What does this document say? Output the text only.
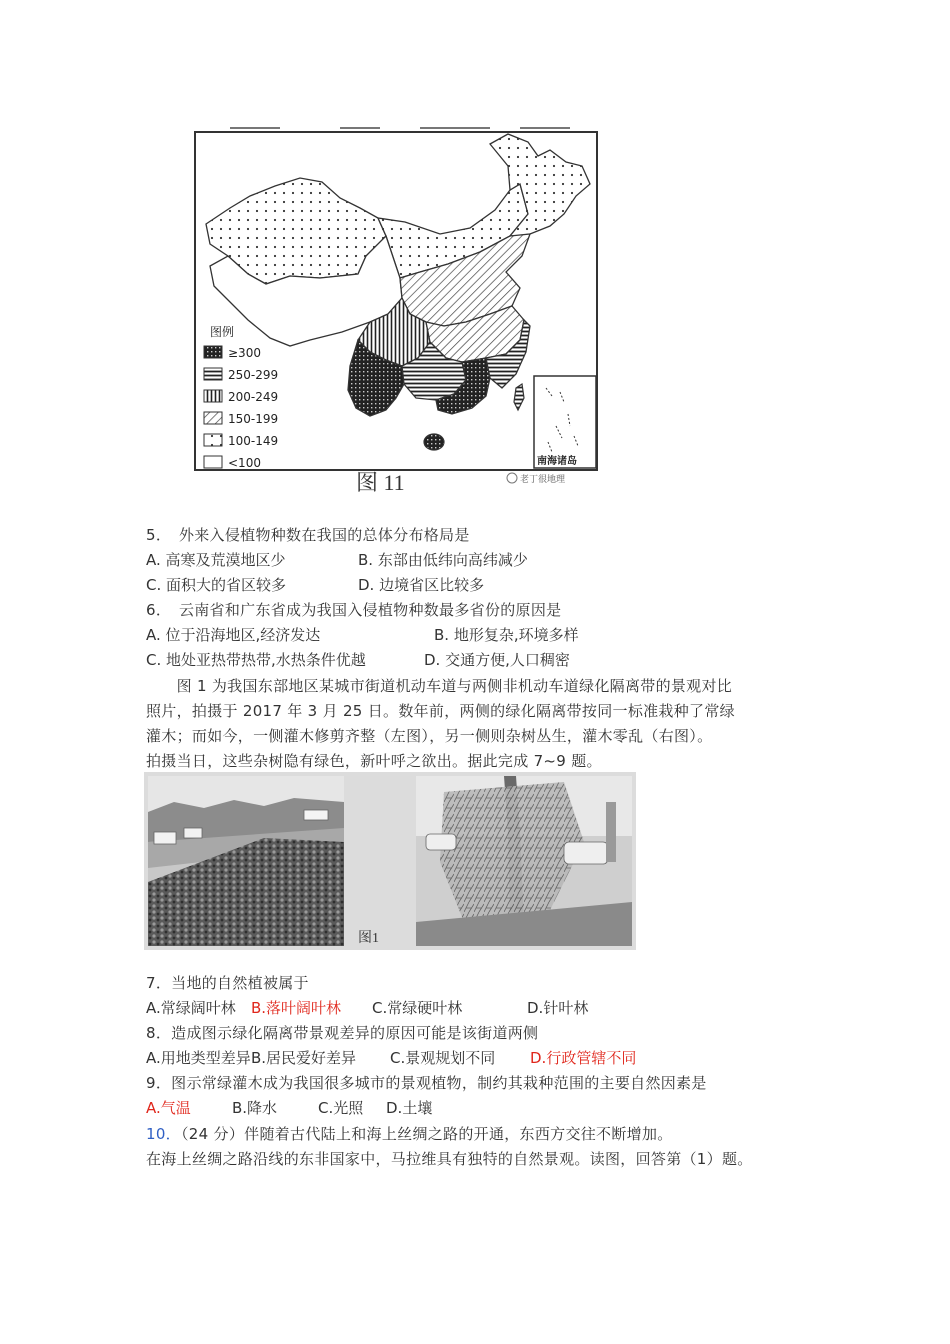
南海诸岛
图例
≥300
250-299
200-249
150-199
100-149
<100
图 11	老丁很地理
5．　外来入侵植物种数在我国的总体分布格局是
A. 高寒及荒漠地区少	B. 东部由低纬向高纬减少
C. 面积大的省区较多	D. 边境省区比较多
6．　云南省和广东省成为我国入侵植物种数最多省份的原因是
A. 位于沿海地区,经济发达	B. 地形复杂,环境多样
C. 地处亚热带热带,水热条件优越	D. 交通方便,人口稠密
　　图 1 为我国东部地区某城市街道机动车道与两侧非机动车道绿化隔离带的景观对比
照片，拍摄于 2017 年 3 月 25 日。数年前，两侧的绿化隔离带按同一标准栽种了常绿
灌木；而如今，一侧灌木修剪齐整（左图），另一侧则杂树丛生，灌木零乱（右图）。
拍摄当日，这些杂树隐有绿色，新叶呼之欲出。据此完成 7~9 题。
图1
7．当地的自然植被属于
A.常绿阔叶林 B.落叶阔叶林 C.常绿硬叶林	D.针叶林
8．造成图示绿化隔离带景观差异的原因可能是该街道两侧
A.用地类型差异 B.居民爱好差异 C.景观规划不同 D.行政管辖不同
9．图示常绿灌木成为我国很多城市的景观植物，制约其栽种范围的主要自然因素是
A.气温	B.降水	C.光照 D.土壤
10．（24 分）伴随着古代陆上和海上丝绸之路的开通，东西方交往不断增加。
在海上丝绸之路沿线的东非国家中，马拉维具有独特的自然景观。读图，回答第（1）题。
